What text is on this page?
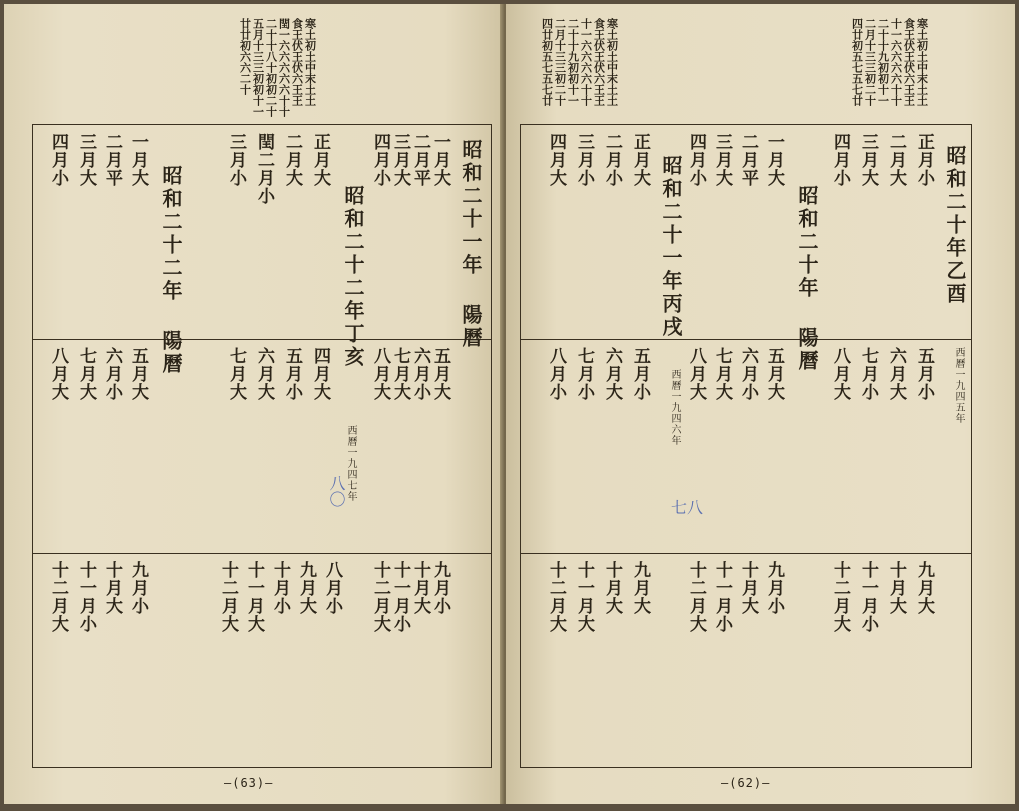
寒土初土中末土土
食王伏王伏六王王
閏一六六六六六十十
二十十八十初初二十
五月十三三初初十一
廿廿初六六二十
昭和二十一年 陽曆
一月大
二月平
三月大
四月小
五月大
六月小
七月大
八月大
九月小
十月大
十一月小
十二月大
昭和二十二年丁亥
西曆一九四七年
正月大
二月大
閏二月小
三月小
四月大
五月小
六月大
七月大
八月小
九月大
十月小
十一月大
十二月大
昭和二十二年 陽曆
一月大
二月平
三月大
四月小
五月大
六月小
七月大
八月大
九月小
十月大
十一月小
十二月大
八〇
—(63)—
寒土初土中末土土
食王伏王伏六王王
十一六六六六十十
二十十九初初十一
二月十三三初二十
四廿初五七五七廿	寒土初土中末土土
食王伏王伏六王王
十一六六六六十十
二十十九初初十一
二月十三三初二十
四廿初五七五七廿
昭和二十年乙酉
西曆一九四五年
正月小
二月大
三月大
四月小
五月小
六月大
七月小
八月大
九月大
十月大
十一月小
十二月大
昭和二十年 陽曆
一月大
二月平
三月大
四月小
五月大
六月小
七月大
八月大
九月小
十月大
十一月小
十二月大
昭和二十一年丙戌
西曆一九四六年
正月大
二月小
三月小
四月大
五月小
六月大
七月小
八月小
九月大
十月大
十一月大
十二月大
七八
—(62)—
